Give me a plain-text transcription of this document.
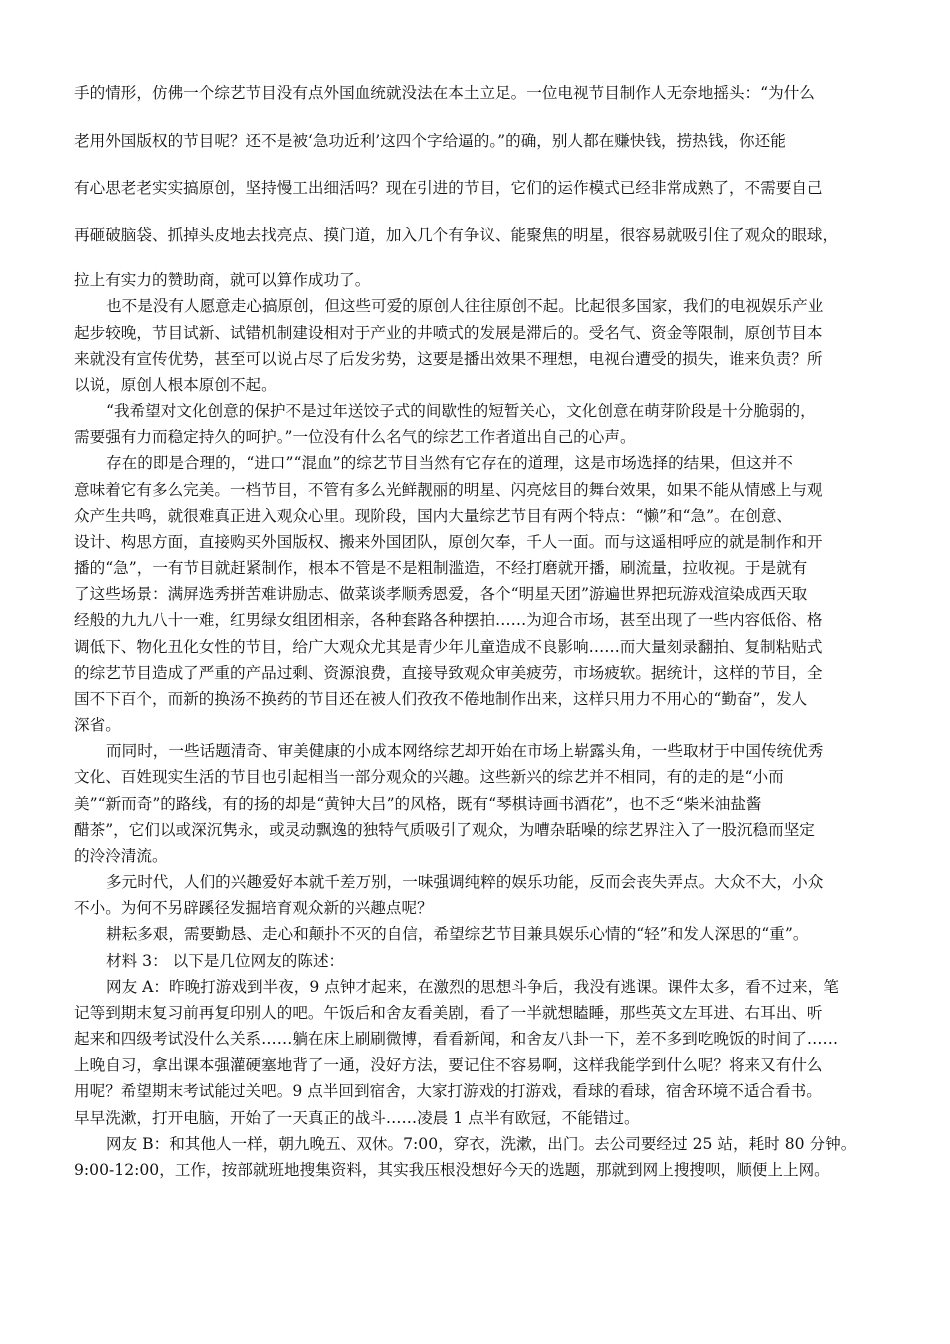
手的情形，仿佛一个综艺节目没有点外国血统就没法在本土立足。一位电视节目制作人无奈地摇头：“为什么
老用外国版权的节目呢？还不是被‘急功近利’这四个字给逼的。”的确，别人都在赚快钱，捞热钱，你还能
有心思老老实实搞原创，坚持慢工出细活吗？现在引进的节目，它们的运作模式已经非常成熟了，不需要自己
再砸破脑袋、抓掉头皮地去找亮点、摸门道，加入几个有争议、能聚焦的明星，很容易就吸引住了观众的眼球，
拉上有实力的赞助商，就可以算作成功了。
也不是没有人愿意走心搞原创，但这些可爱的原创人往往原创不起。比起很多国家，我们的电视娱乐产业
起步较晚，节目试新、试错机制建设相对于产业的井喷式的发展是滞后的。受名气、资金等限制，原创节目本
来就没有宣传优势，甚至可以说占尽了后发劣势，这要是播出效果不理想，电视台遭受的损失，谁来负责？所
以说，原创人根本原创不起。
“我希望对文化创意的保护不是过年送饺子式的间歇性的短暂关心，文化创意在萌芽阶段是十分脆弱的，
需要强有力而稳定持久的呵护。”一位没有什么名气的综艺工作者道出自己的心声。
存在的即是合理的，“进口”“混血”的综艺节目当然有它存在的道理，这是市场选择的结果，但这并不
意味着它有多么完美。一档节目，不管有多么光鲜靓丽的明星、闪亮炫目的舞台效果，如果不能从情感上与观
众产生共鸣，就很难真正进入观众心里。现阶段，国内大量综艺节目有两个特点：“懒”和“急”。在创意、
设计、构思方面，直接购买外国版权、搬来外国团队，原创欠奉，千人一面。而与这遥相呼应的就是制作和开
播的“急”，一有节目就赶紧制作，根本不管是不是粗制滥造，不经打磨就开播，刷流量，拉收视。于是就有
了这些场景：满屏选秀拼苦难讲励志、做菜谈孝顺秀恩爱，各个“明星天团”游遍世界把玩游戏渲染成西天取
经般的九九八十一难，红男绿女组团相亲，各种套路各种摆拍……为迎合市场，甚至出现了一些内容低俗、格
调低下、物化丑化女性的节目，给广大观众尤其是青少年儿童造成不良影响……而大量刻录翻拍、复制粘贴式
的综艺节目造成了严重的产品过剩、资源浪费，直接导致观众审美疲劳，市场疲软。据统计，这样的节目，全
国不下百个，而新的换汤不换药的节目还在被人们孜孜不倦地制作出来，这样只用力不用心的“勤奋”，发人
深省。
而同时，一些话题清奇、审美健康的小成本网络综艺却开始在市场上崭露头角，一些取材于中国传统优秀
文化、百姓现实生活的节目也引起相当一部分观众的兴趣。这些新兴的综艺并不相同，有的走的是“小而
美”“新而奇”的路线，有的扬的却是“黄钟大吕”的风格，既有“琴棋诗画书酒花”，也不乏“柴米油盐酱
醋茶”，它们以或深沉隽永，或灵动飘逸的独特气质吸引了观众，为嘈杂聒噪的综艺界注入了一股沉稳而坚定
的泠泠清流。
多元时代，人们的兴趣爱好本就千差万别，一味强调纯粹的娱乐功能，反而会丧失弄点。大众不大，小众
不小。为何不另辟蹊径发掘培育观众新的兴趣点呢？
耕耘多艰，需要勤恳、走心和颠扑不灭的自信，希望综艺节目兼具娱乐心情的“轻”和发人深思的“重”。
材料 3： 以下是几位网友的陈述：
网友 A：昨晚打游戏到半夜，9 点钟才起来，在激烈的思想斗争后，我没有逃课。课件太多，看不过来，笔
记等到期末复习前再复印别人的吧。午饭后和舍友看美剧，看了一半就想瞌睡，那些英文左耳进、右耳出、听
起来和四级考试没什么关系……躺在床上刷刷微博，看看新闻，和舍友八卦一下，差不多到吃晚饭的时间了……
上晚自习，拿出课本强灌硬塞地背了一通，没好方法，要记住不容易啊，这样我能学到什么呢？将来又有什么
用呢？希望期末考试能过关吧。9 点半回到宿舍，大家打游戏的打游戏，看球的看球，宿舍环境不适合看书。
早早洗漱，打开电脑，开始了一天真正的战斗……凌晨 1 点半有欧冠，不能错过。
网友 B：和其他人一样，朝九晚五、双休。7:00，穿衣，洗漱，出门。去公司要经过 25 站，耗时 80 分钟。
9:00-12:00，工作，按部就班地搜集资料，其实我压根没想好今天的选题，那就到网上搜搜呗，顺便上上网。
